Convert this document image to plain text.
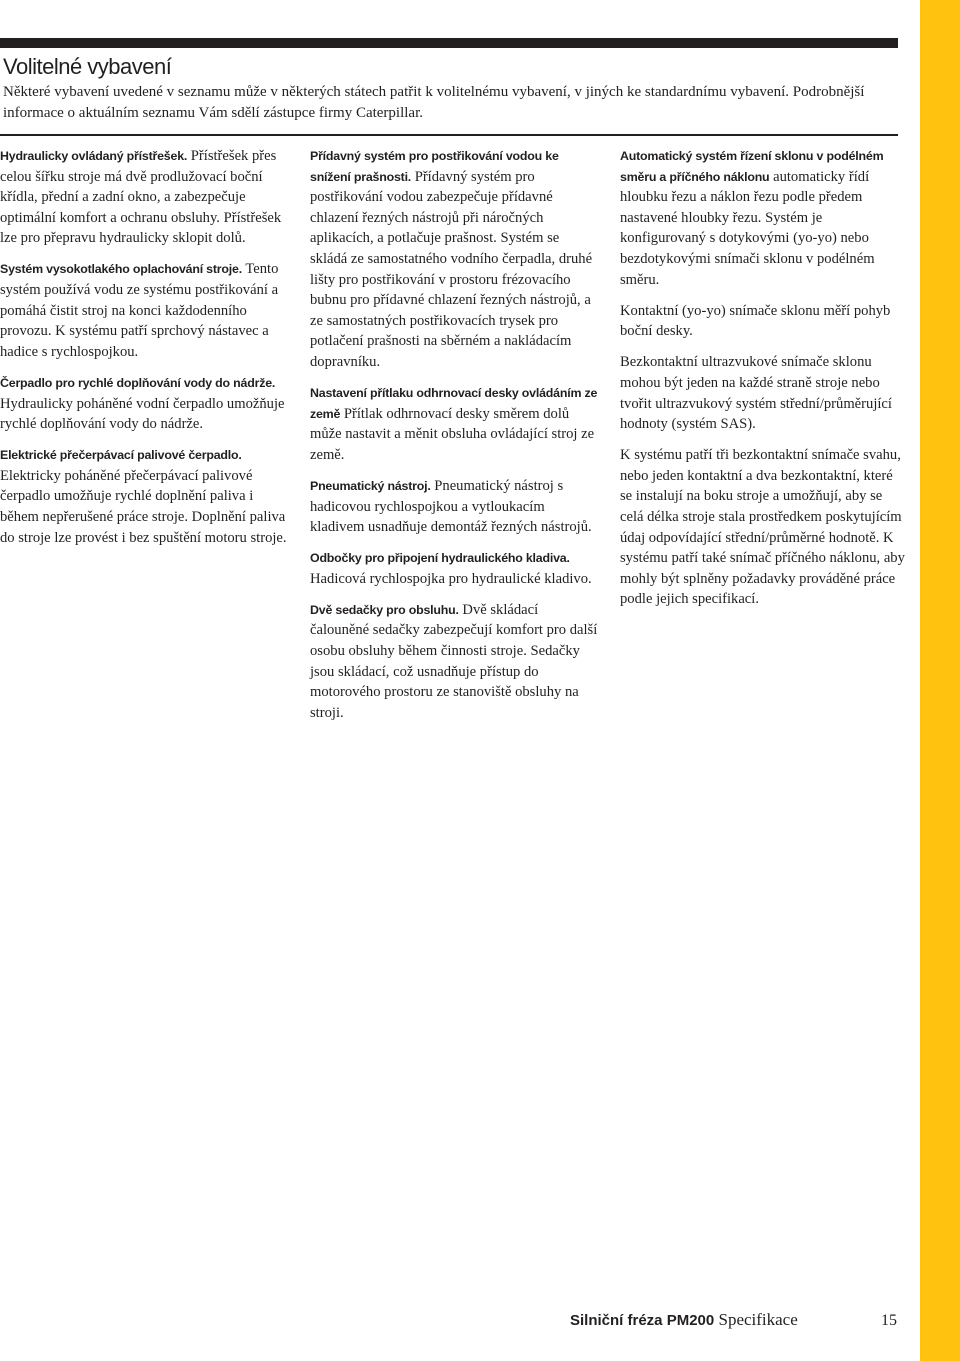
Volitelné vybavení

Některé vybavení uvedené v seznamu může v některých státech patřit k volitelnému vybavení, v jiných ke standardnímu vybavení. Podrobnější informace o aktuálním seznamu Vám sdělí zástupce firmy Caterpillar.

Hydraulicky ovládaný přístřešek. Přístřešek přes celou šířku stroje má dvě prodlužovací boční křídla, přední a zadní okno, a zabezpečuje optimální komfort a ochranu obsluhy. Přístřešek lze pro přepravu hydraulicky sklopit dolů.

Systém vysokotlakého oplachování stroje. Tento systém používá vodu ze systému postřikování a pomáhá čistit stroj na konci každodenního provozu. K systému patří sprchový nástavec a hadice s rychlospojkou.

Čerpadlo pro rychlé doplňování vody do nádrže. Hydraulicky poháněné vodní čerpadlo umožňuje rychlé doplňování vody do nádrže.

Elektrické přečerpávací palivové čerpadlo. Elektricky poháněné přečerpávací palivové čerpadlo umožňuje rychlé doplnění paliva i během nepřerušené práce stroje. Doplnění paliva do stroje lze provést i bez spuštění motoru stroje.

Přídavný systém pro postřikování vodou ke snížení prašnosti. Přídavný systém pro postřikování vodou zabezpečuje přídavné chlazení řezných nástrojů při náročných aplikacích, a potlačuje prašnost. Systém se skládá ze samostatného vodního čerpadla, druhé lišty pro postřikování v prostoru frézovacího bubnu pro přídavné chlazení řezných nástrojů, a ze samostatných postřikovacích trysek pro potlačení prašnosti na sběrném a nakládacím dopravníku.

Nastavení přítlaku odhrnovací desky ovládáním ze země Přítlak odhrnovací desky směrem dolů může nastavit a měnit obsluha ovládající stroj ze země.

Pneumatický nástroj. Pneumatický nástroj s hadicovou rychlospojkou a vytloukacím kladivem usnadňuje demontáž řezných nástrojů.

Odbočky pro připojení hydraulického kladiva. Hadicová rychlospojka pro hydraulické kladivo.

Dvě sedačky pro obsluhu. Dvě skládací čalouněné sedačky zabezpečují komfort pro další osobu obsluhy během činnosti stroje. Sedačky jsou skládací, což usnadňuje přístup do motorového prostoru ze stanoviště obsluhy na stroji.

Automatický systém řízení sklonu v podélném směru a příčného náklonu automaticky řídí hloubku řezu a náklon řezu podle předem nastavené hloubky řezu. Systém je konfigurovaný s dotykovými (yo-yo) nebo bezdotykovými snímači sklonu v podélném směru.

Kontaktní (yo-yo) snímače sklonu měří pohyb boční desky.

Bezkontaktní ultrazvukové snímače sklonu mohou být jeden na každé straně stroje nebo tvořit ultrazvukový systém střední/průměrující hodnoty (systém SAS).

K systému patří tři bezkontaktní snímače svahu, nebo jeden kontaktní a dva bezkontaktní, které se instalují na boku stroje a umožňují, aby se celá délka stroje stala prostředkem poskytujícím údaj odpovídající střední/průměrné hodnotě. K systému patří také snímač příčného náklonu, aby mohly být splněny požadavky prováděné práce podle jejich specifikací.

Silniční fréza PM200 Specifikace	15
